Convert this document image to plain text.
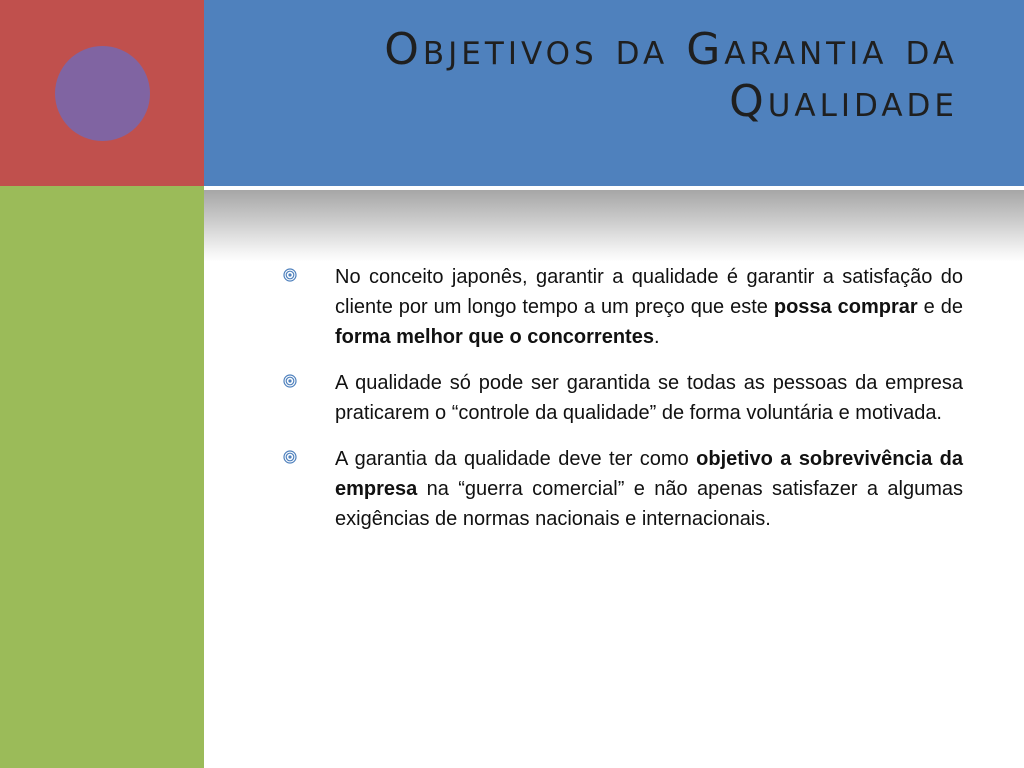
Objetivos da Garantia da
Qualidade

No conceito japonês, garantir a qualidade é garantir a satisfação do cliente por um longo tempo a um preço que este possa comprar e de forma melhor que o concorrentes.

A qualidade só pode ser garantida se todas as pessoas da empresa praticarem o “controle da qualidade” de forma voluntária e motivada.

A garantia da qualidade deve ter como objetivo a sobrevivência da empresa na “guerra comercial” e não apenas satisfazer a algumas exigências de normas nacionais e internacionais.
